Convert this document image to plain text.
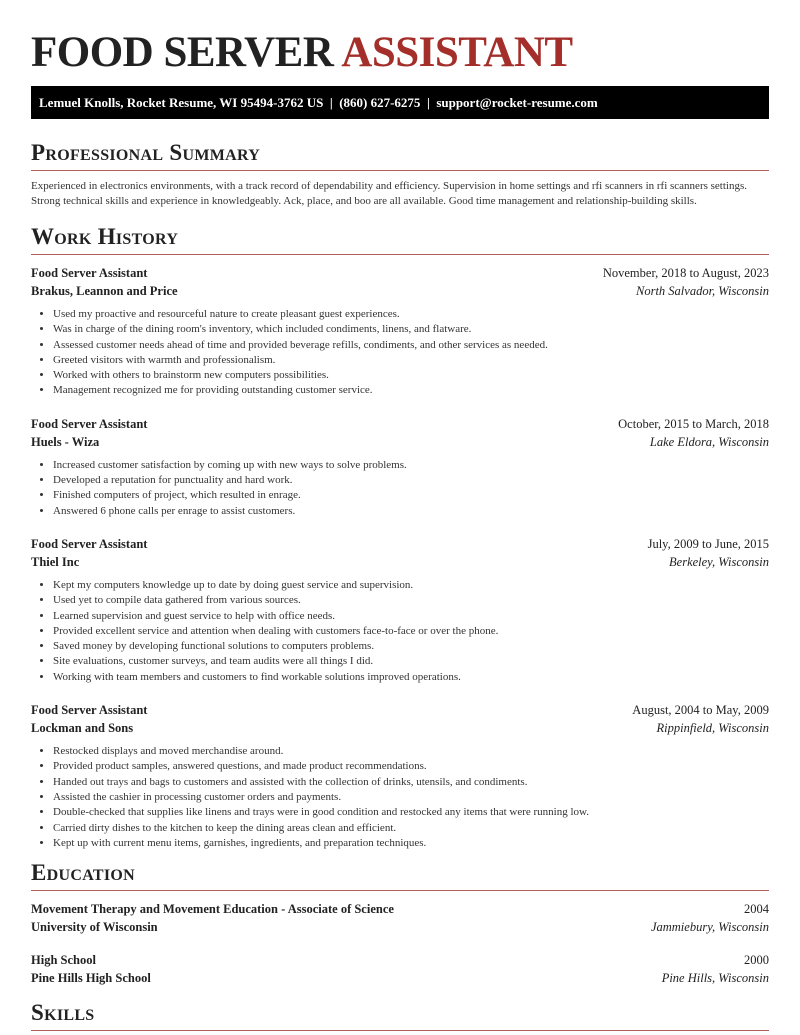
FOOD SERVER ASSISTANT
Lemuel Knolls, Rocket Resume, WI 95494-3762 US | (860) 627-6275 | support@rocket-resume.com
Professional Summary

Experienced in electronics environments, with a track record of dependability and efficiency. Supervision in home settings and rfi scanners in rfi scanners settings. Strong technical skills and experience in knowledgeably. Ack, place, and boo are all available. Good time management and relationship-building skills.

Work History
Food Server Assistant	November, 2018 to August, 2023
Brakus, Leannon and Price	North Salvador, Wisconsin
• Used my proactive and resourceful nature to create pleasant guest experiences.
• Was in charge of the dining room's inventory, which included condiments, linens, and flatware.
• Assessed customer needs ahead of time and provided beverage refills, condiments, and other services as needed.
• Greeted visitors with warmth and professionalism.
• Worked with others to brainstorm new computers possibilities.
• Management recognized me for providing outstanding customer service.
Food Server Assistant	October, 2015 to March, 2018
Huels - Wiza	Lake Eldora, Wisconsin
• Increased customer satisfaction by coming up with new ways to solve problems.
• Developed a reputation for punctuality and hard work.
• Finished computers of project, which resulted in enrage.
• Answered 6 phone calls per enrage to assist customers.
Food Server Assistant	July, 2009 to June, 2015
Thiel Inc	Berkeley, Wisconsin
• Kept my computers knowledge up to date by doing guest service and supervision.
• Used yet to compile data gathered from various sources.
• Learned supervision and guest service to help with office needs.
• Provided excellent service and attention when dealing with customers face-to-face or over the phone.
• Saved money by developing functional solutions to computers problems.
• Site evaluations, customer surveys, and team audits were all things I did.
• Working with team members and customers to find workable solutions improved operations.
Food Server Assistant	August, 2004 to May, 2009
Lockman and Sons	Rippinfield, Wisconsin
• Restocked displays and moved merchandise around.
• Provided product samples, answered questions, and made product recommendations.
• Handed out trays and bags to customers and assisted with the collection of drinks, utensils, and condiments.
• Assisted the cashier in processing customer orders and payments.
• Double-checked that supplies like linens and trays were in good condition and restocked any items that were running low.
• Carried dirty dishes to the kitchen to keep the dining areas clean and efficient.
• Kept up with current menu items, garnishes, ingredients, and preparation techniques.
Education
Movement Therapy and Movement Education - Associate of Science	2004
University of Wisconsin	Jammiebury, Wisconsin
High School	2000
Pine Hills High School	Pine Hills, Wisconsin
Skills
